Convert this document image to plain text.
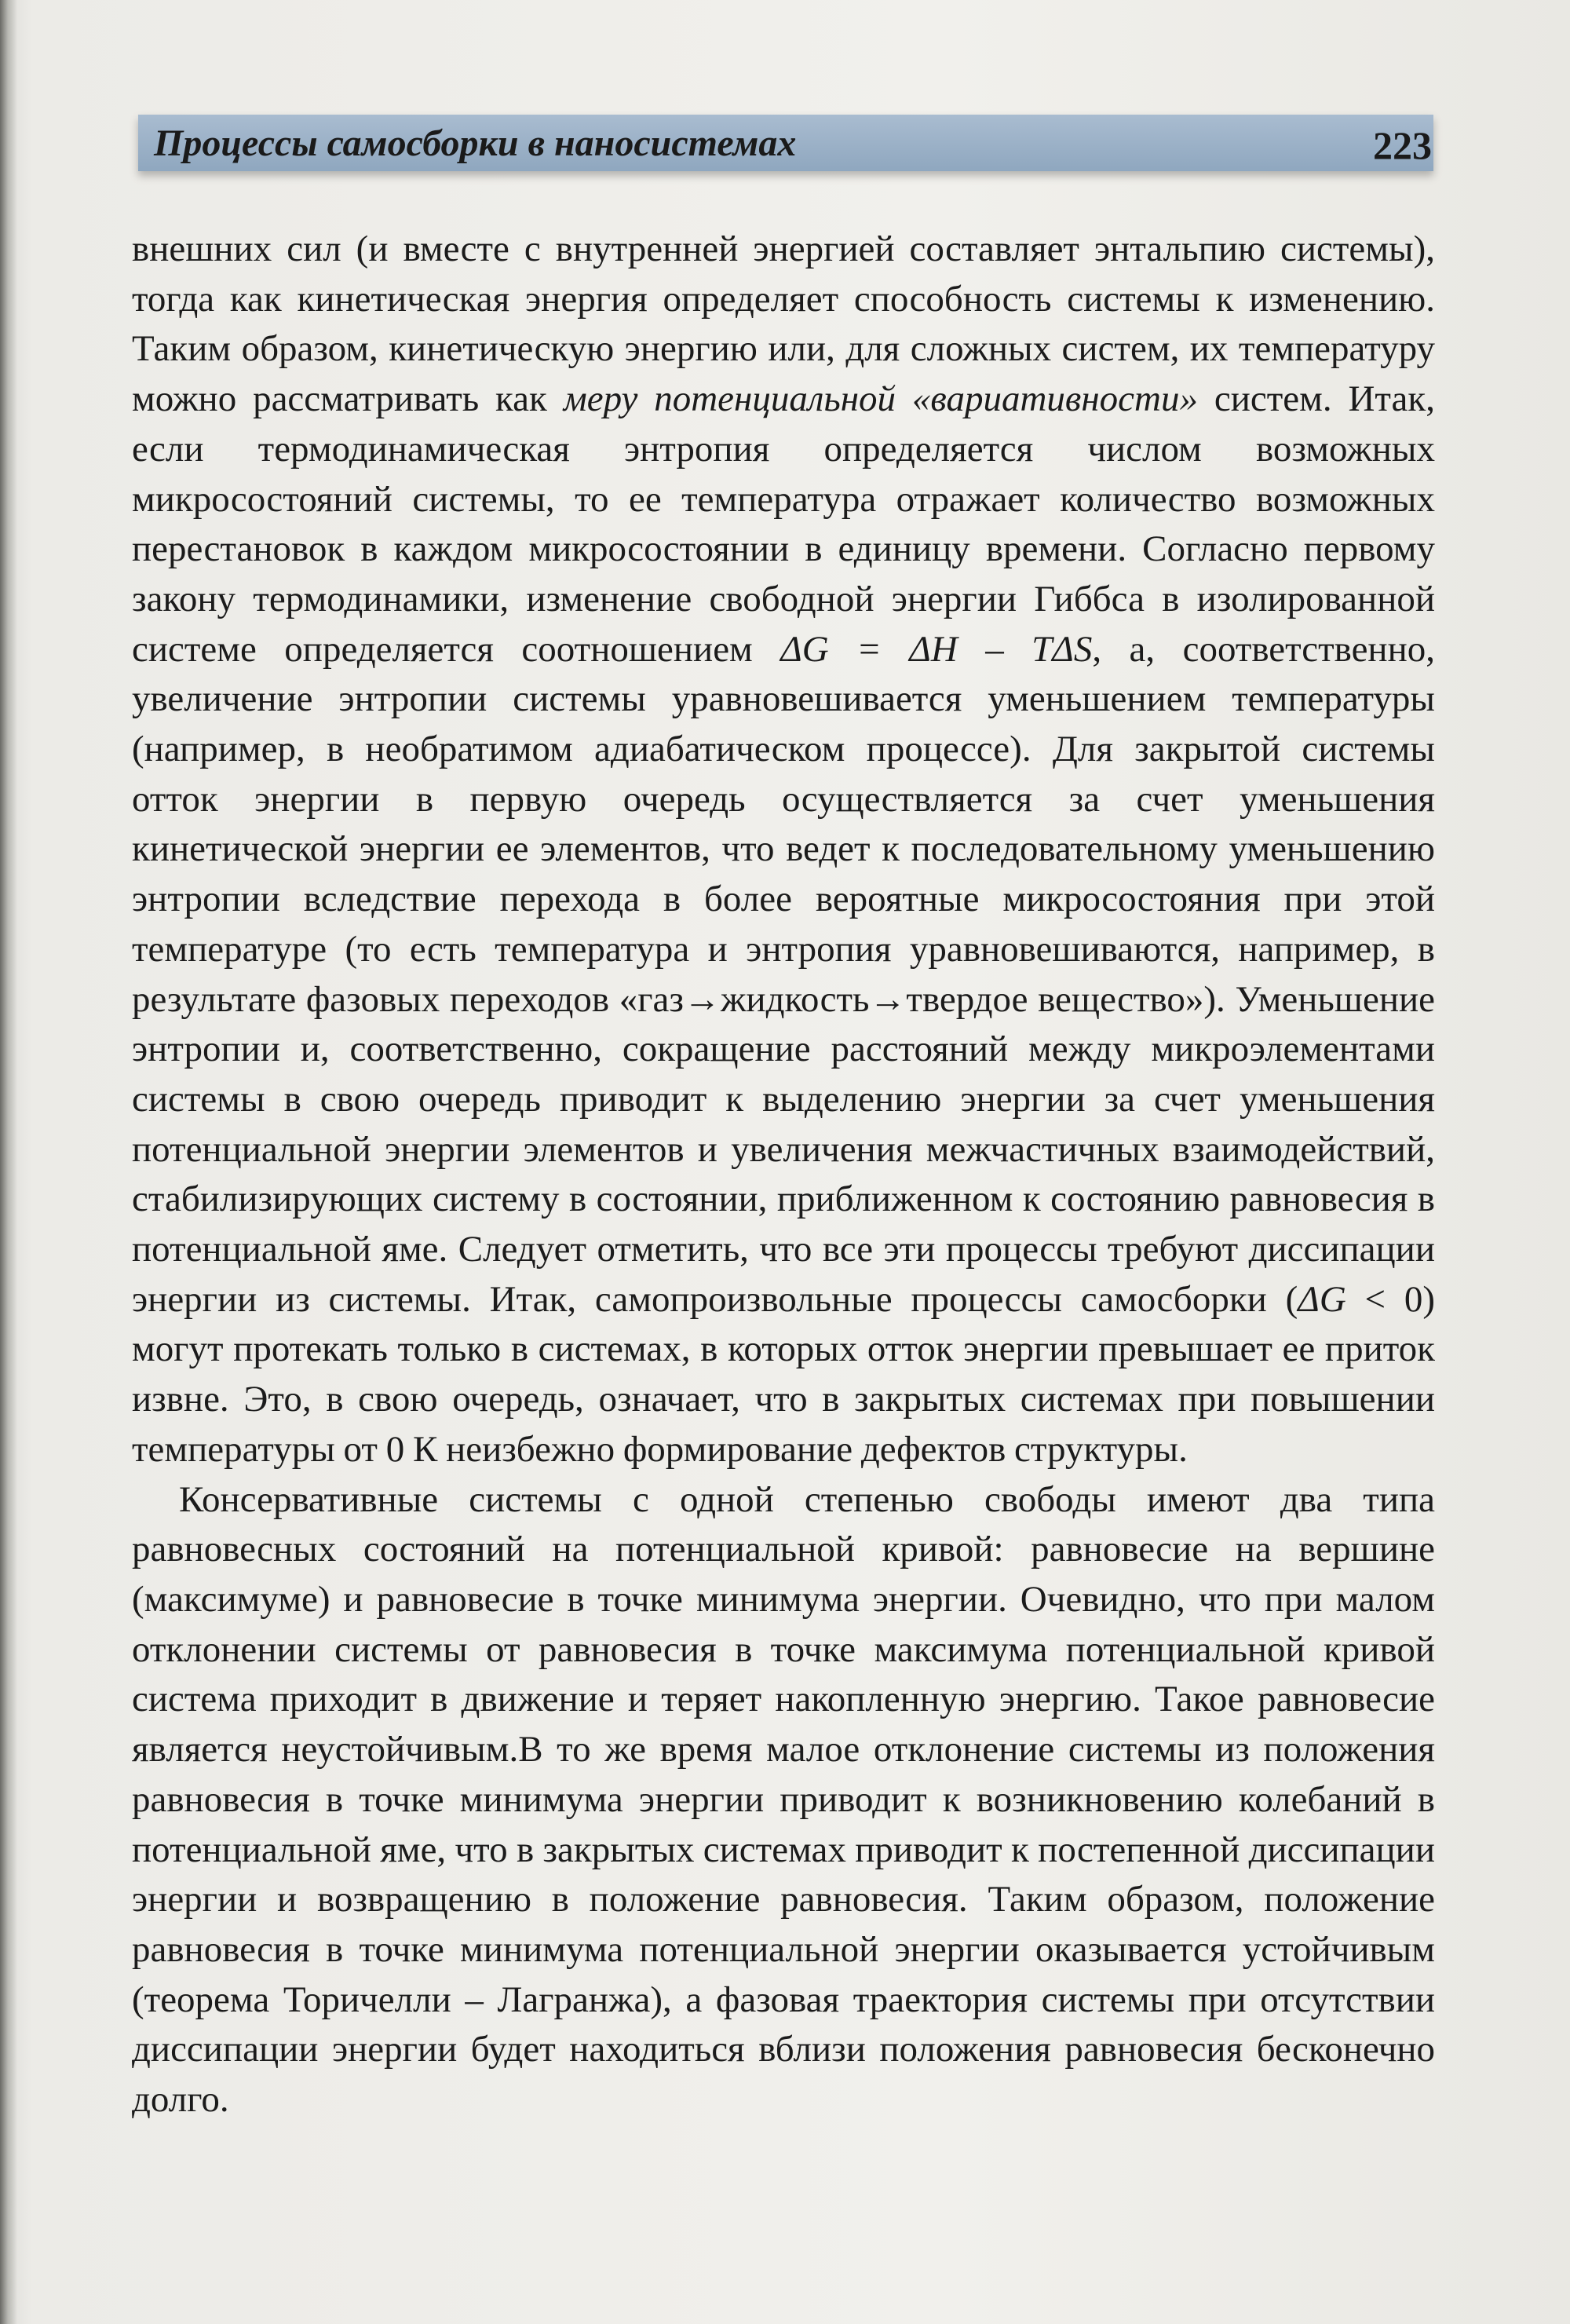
Процессы самосборки в наносистемах	223

внешних сил (и вместе с внутренней энергией составляет энтальпию системы), тогда как кинетическая энергия определяет способность системы к изменению. Таким образом, кинетическую энергию или, для сложных систем, их температуру можно рассматривать как меру потенциальной «вариативности» систем. Итак, если термодинамическая энтропия определяется числом возможных микросостояний системы, то ее температура отражает количество возможных перестановок в каждом микросостоянии в единицу времени. Согласно первому закону термодинамики, изменение свободной энергии Гиббса в изолированной системе определяется соотношением ΔG = ΔH – TΔS, а, соответственно, увеличение энтропии системы уравновешивается уменьшением температуры (например, в необратимом адиабатическом процессе). Для закрытой системы отток энергии в первую очередь осуществляется за счет уменьшения кинетической энергии ее элементов, что ведет к последовательному уменьшению энтропии вследствие перехода в более вероятные микросостояния при этой температуре (то есть температура и энтропия уравновешиваются, например, в результате фазовых переходов «газ→жидкость→твердое вещество»). Уменьшение энтропии и, соответственно, сокращение расстояний между микроэлементами системы в свою очередь приводит к выделению энергии за счет уменьшения потенциальной энергии элементов и увеличения межчастичных взаимодействий, стабилизирующих систему в состоянии, приближенном к состоянию равновесия в потенциальной яме. Следует отметить, что все эти процессы требуют диссипации энергии из системы. Итак, самопроизвольные процессы самосборки (ΔG < 0) могут протекать только в системах, в которых отток энергии превышает ее приток извне. Это, в свою очередь, означает, что в закрытых системах при повышении температуры от 0 К неизбежно формирование дефектов структуры.

Консервативные системы с одной степенью свободы имеют два типа равновесных состояний на потенциальной кривой: равновесие на вершине (максимуме) и равновесие в точке минимума энергии. Очевидно, что при малом отклонении системы от равновесия в точке максимума потенциальной кривой система приходит в движение и теряет накопленную энергию. Такое равновесие является неустойчивым.В то же время малое отклонение системы из положения равновесия в точке минимума энергии приводит к возникновению колебаний в потенциальной яме, что в закрытых системах приводит к постепенной диссипации энергии и возвращению в положение равновесия. Таким образом, положение равновесия в точке минимума потенциальной энергии оказывается устойчивым (теорема Торичелли – Лагранжа), а фазовая траектория системы при отсутствии диссипации энергии будет находиться вблизи положения равновесия бесконечно долго.
